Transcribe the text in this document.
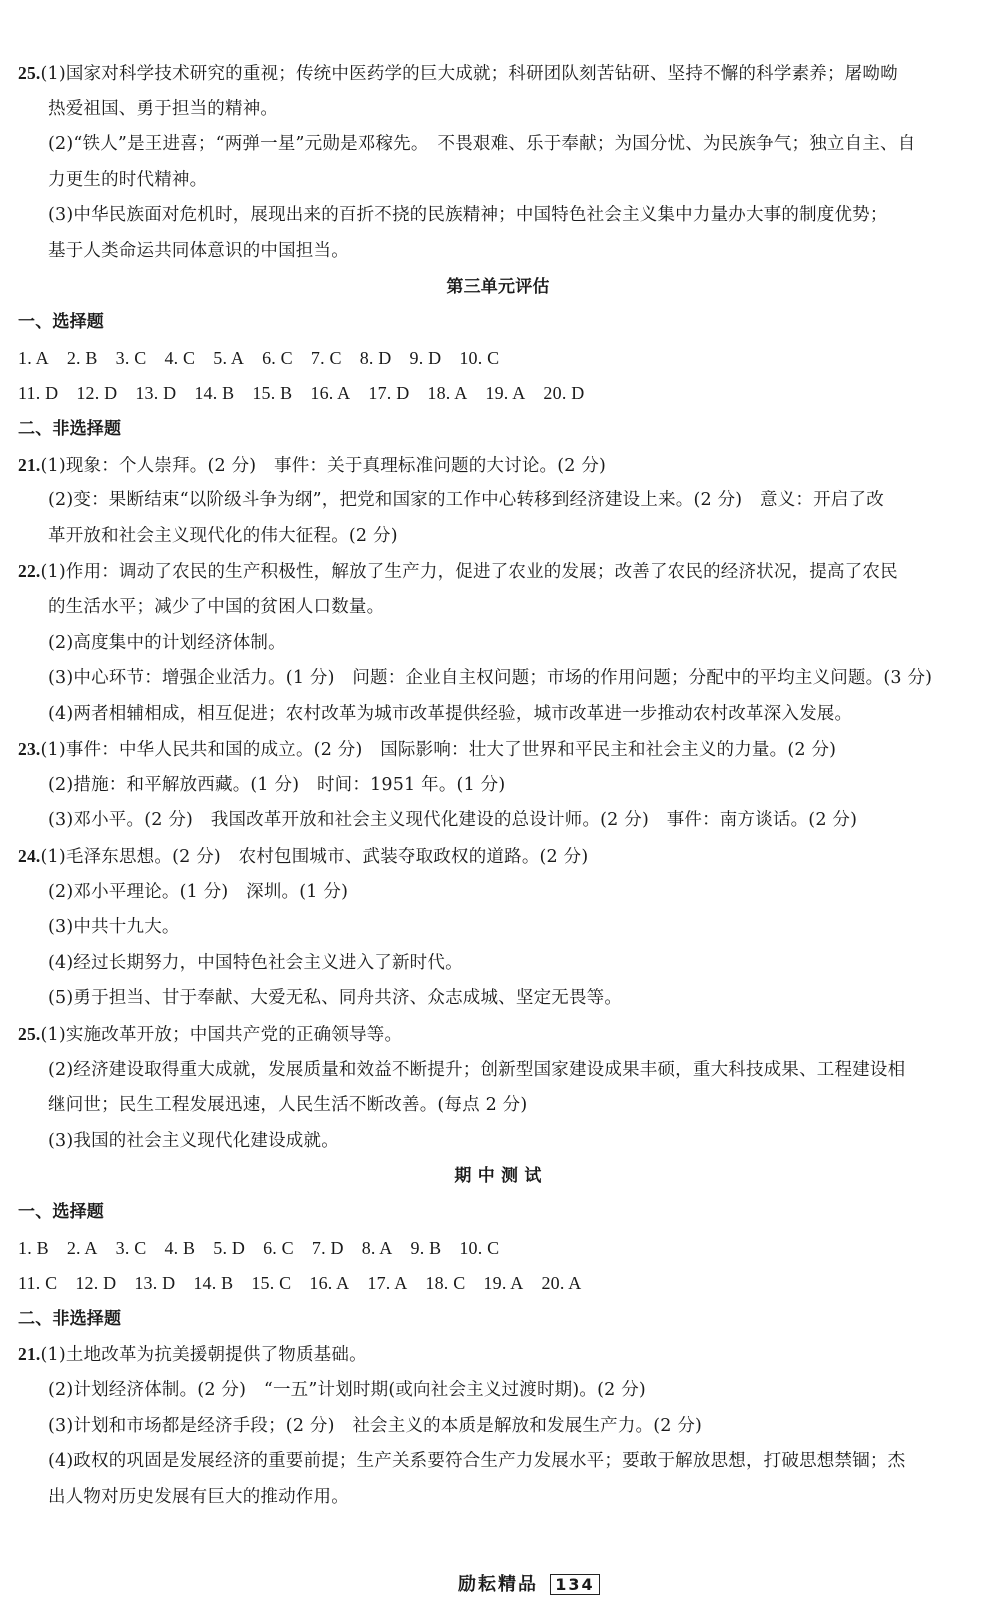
25.(1)国家对科学技术研究的重视；传统中医药学的巨大成就；科研团队刻苦钻研、坚持不懈的科学素养；屠呦呦
热爱祖国、勇于担当的精神。
(2)“铁人”是王进喜；“两弹一星”元勋是邓稼先。　不畏艰难、乐于奉献；为国分忧、为民族争气；独立自主、自
力更生的时代精神。
(3)中华民族面对危机时，展现出来的百折不挠的民族精神；中国特色社会主义集中力量办大事的制度优势；
基于人类命运共同体意识的中国担当。
第三单元评估
一、选择题
1. A 2. B 3. C 4. C 5. A 6. C 7. C 8. D 9. D 10. C
11. D 12. D 13. D 14. B 15. B 16. A 17. D 18. A 19. A 20. D
二、非选择题
21.(1)现象：个人崇拜。(2 分)　事件：关于真理标准问题的大讨论。(2 分)
(2)变：果断结束“以阶级斗争为纲”，把党和国家的工作中心转移到经济建设上来。(2 分)　意义：开启了改
革开放和社会主义现代化的伟大征程。(2 分)
22.(1)作用：调动了农民的生产积极性，解放了生产力，促进了农业的发展；改善了农民的经济状况，提高了农民
的生活水平；减少了中国的贫困人口数量。
(2)高度集中的计划经济体制。
(3)中心环节：增强企业活力。(1 分)　问题：企业自主权问题；市场的作用问题；分配中的平均主义问题。(3 分)
(4)两者相辅相成，相互促进；农村改革为城市改革提供经验，城市改革进一步推动农村改革深入发展。
23.(1)事件：中华人民共和国的成立。(2 分)　国际影响：壮大了世界和平民主和社会主义的力量。(2 分)
(2)措施：和平解放西藏。(1 分)　时间：1951 年。(1 分)
(3)邓小平。(2 分)　我国改革开放和社会主义现代化建设的总设计师。(2 分)　事件：南方谈话。(2 分)
24.(1)毛泽东思想。(2 分)　农村包围城市、武装夺取政权的道路。(2 分)
(2)邓小平理论。(1 分)　深圳。(1 分)
(3)中共十九大。
(4)经过长期努力，中国特色社会主义进入了新时代。
(5)勇于担当、甘于奉献、大爱无私、同舟共济、众志成城、坚定无畏等。
25.(1)实施改革开放；中国共产党的正确领导等。
(2)经济建设取得重大成就，发展质量和效益不断提升；创新型国家建设成果丰硕，重大科技成果、工程建设相
继问世；民生工程发展迅速，人民生活不断改善。(每点 2 分)
(3)我国的社会主义现代化建设成就。
期 中 测 试
一、选择题
1. B 2. A 3. C 4. B 5. D 6. C 7. D 8. A 9. B 10. C
11. C 12. D 13. D 14. B 15. C 16. A 17. A 18. C 19. A 20. A
二、非选择题
21.(1)土地改革为抗美援朝提供了物质基础。
(2)计划经济体制。(2 分)　“一五”计划时期(或向社会主义过渡时期)。(2 分)
(3)计划和市场都是经济手段；(2 分)　社会主义的本质是解放和发展生产力。(2 分)
(4)政权的巩固是发展经济的重要前提；生产关系要符合生产力发展水平；要敢于解放思想，打破思想禁锢；杰
出人物对历史发展有巨大的推动作用。
励耘精品 134
